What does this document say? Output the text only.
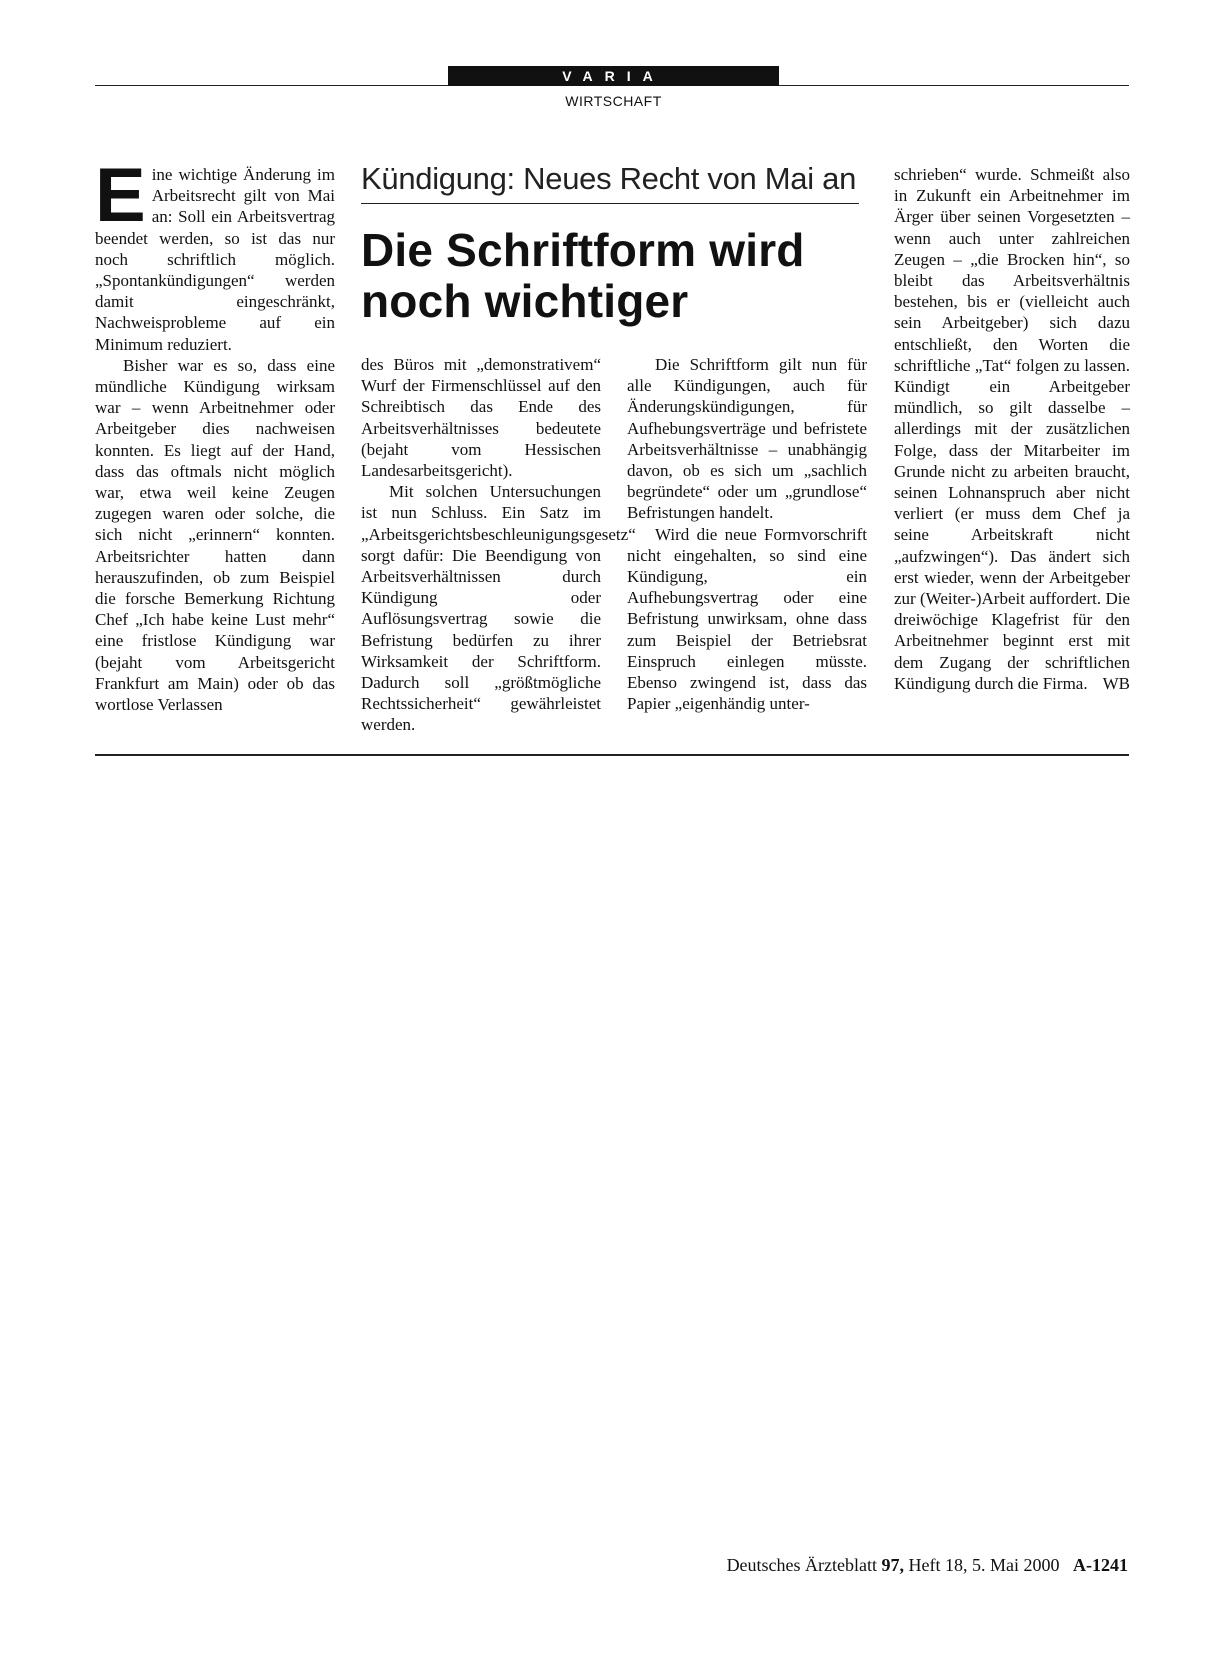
VARIA
WIRTSCHAFT

Eine wichtige Änderung im Arbeitsrecht gilt von Mai an: Soll ein Arbeitsvertrag beendet werden, so ist das nur noch schriftlich möglich. „Spontankündigungen“ werden damit eingeschränkt, Nachweisprobleme auf ein Minimum reduziert.

Bisher war es so, dass eine mündliche Kündigung wirksam war – wenn Arbeitnehmer oder Arbeitgeber dies nachweisen konnten. Es liegt auf der Hand, dass das oftmals nicht möglich war, etwa weil keine Zeugen zugegen waren oder solche, die sich nicht „erinnern“ konnten. Arbeitsrichter hatten dann herauszufinden, ob zum Beispiel die forsche Bemerkung Richtung Chef „Ich habe keine Lust mehr“ eine fristlose Kündigung war (bejaht vom Arbeitsgericht Frankfurt am Main) oder ob das wortlose Verlassen

Kündigung: Neues Recht von Mai an
Die Schriftform wird
noch wichtiger

des Büros mit „demonstrativem“ Wurf der Firmenschlüssel auf den Schreibtisch das Ende des Arbeitsverhältnisses bedeutete (bejaht vom Hessischen Landesarbeitsgericht).

Mit solchen Untersuchungen ist nun Schluss. Ein Satz im „Arbeitsgerichtsbeschleunigungsgesetz“ sorgt dafür: Die Beendigung von Arbeitsverhältnissen durch Kündigung oder Auflösungsvertrag sowie die Befristung bedürfen zu ihrer Wirksamkeit der Schriftform. Dadurch soll „größtmögliche Rechtssicherheit“ gewährleistet werden.

Die Schriftform gilt nun für alle Kündigungen, auch für Änderungskündigungen, für Aufhebungsverträge und befristete Arbeitsverhältnisse – unabhängig davon, ob es sich um „sachlich begründete“ oder um „grundlose“ Befristungen handelt.

Wird die neue Formvorschrift nicht eingehalten, so sind eine Kündigung, ein Aufhebungsvertrag oder eine Befristung unwirksam, ohne dass zum Beispiel der Betriebsrat Einspruch einlegen müsste. Ebenso zwingend ist, dass das Papier „eigenhändig unter-

schrieben“ wurde. Schmeißt also in Zukunft ein Arbeitnehmer im Ärger über seinen Vorgesetzten – wenn auch unter zahlreichen Zeugen – „die Brocken hin“, so bleibt das Arbeitsverhältnis bestehen, bis er (vielleicht auch sein Arbeitgeber) sich dazu entschließt, den Worten die schriftliche „Tat“ folgen zu lassen. Kündigt ein Arbeitgeber mündlich, so gilt dasselbe – allerdings mit der zusätzlichen Folge, dass der Mitarbeiter im Grunde nicht zu arbeiten braucht, seinen Lohnanspruch aber nicht verliert (er muss dem Chef ja seine Arbeitskraft nicht „aufzwingen“). Das ändert sich erst wieder, wenn der Arbeitgeber zur (Weiter-)Arbeit auffordert. Die dreiwöchige Klagefrist für den Arbeitnehmer beginnt erst mit dem Zugang der schriftlichen Kündigung durch die Firma. WB

Deutsches Ärzteblatt 97, Heft 18, 5. Mai 2000 A-1241
